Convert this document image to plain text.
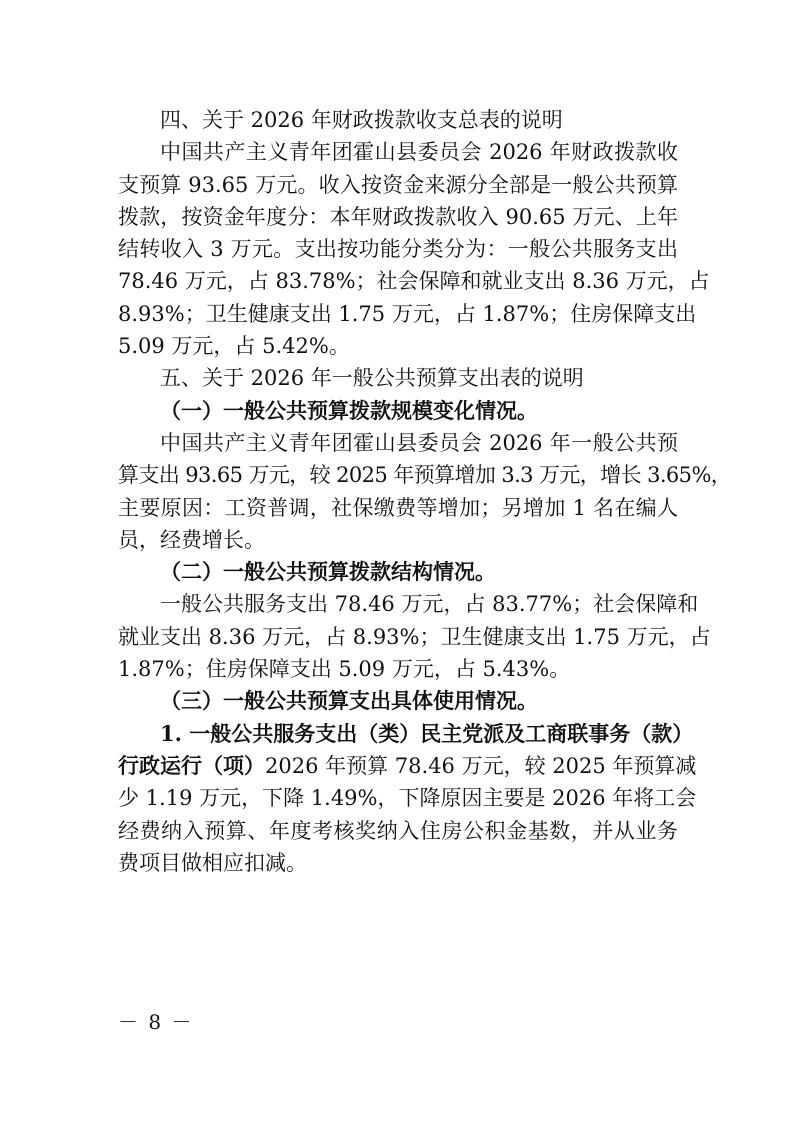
四、关于 2026 年财政拨款收支总表的说明
中国共产主义青年团霍山县委员会 2026 年财政拨款收
支预算 93.65 万元。收入按资金来源分全部是一般公共预算
拨款，按资金年度分：本年财政拨款收入 90.65 万元、上年
结转收入 3 万元。支出按功能分类分为：一般公共服务支出
78.46 万元，占 83.78%；社会保障和就业支出 8.36 万元，占
8.93%；卫生健康支出 1.75 万元，占 1.87%；住房保障支出
5.09 万元，占 5.42%。
五、关于 2026 年一般公共预算支出表的说明
（一）一般公共预算拨款规模变化情况。
中国共产主义青年团霍山县委员会 2026 年一般公共预
算支出 93.65 万元，较 2025 年预算增加 3.3 万元，增长 3.65%，
主要原因：工资普调，社保缴费等增加；另增加 1 名在编人
员，经费增长。
（二）一般公共预算拨款结构情况。
一般公共服务支出 78.46 万元，占 83.77%；社会保障和
就业支出 8.36 万元，占 8.93%；卫生健康支出 1.75 万元，占
1.87%；住房保障支出 5.09 万元，占 5.43%。
（三）一般公共预算支出具体使用情况。
1. 一般公共服务支出（类）民主党派及工商联事务（款）
行政运行（项）2026 年预算 78.46 万元，较 2025 年预算减
少 1.19 万元，下降 1.49%，下降原因主要是 2026 年将工会
经费纳入预算、年度考核奖纳入住房公积金基数，并从业务
费项目做相应扣减。
－ 8 －
